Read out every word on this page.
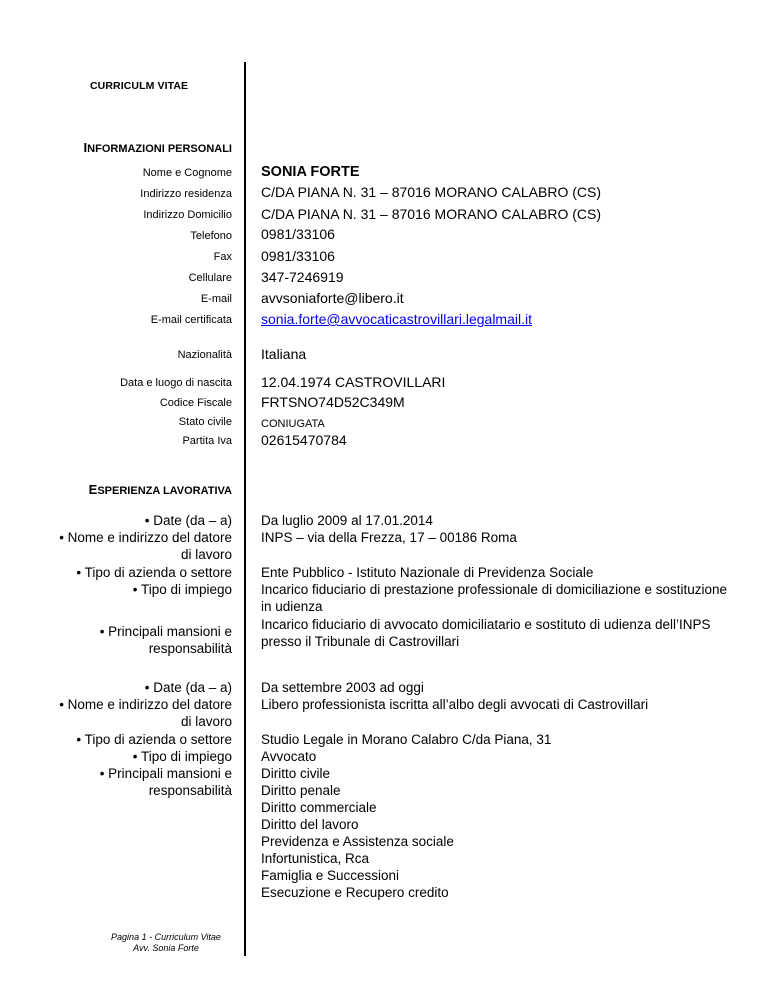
CURRICULM VITAE
INFORMAZIONI PERSONALI
Nome e Cognome SONIA FORTE
Indirizzo residenza C/DA PIANA N. 31 – 87016 MORANO CALABRO (CS)
Indirizzo Domicilio C/DA PIANA N. 31 – 87016 MORANO CALABRO (CS)
Telefono 0981/33106
Fax 0981/33106
Cellulare 347-7246919
E-mail avvsoniaforte@libero.it
E-mail certificata sonia.forte@avvocaticastrovillari.legalmail.it
Nazionalità Italiana
Data e luogo di nascita 12.04.1974 CASTROVILLARI
Codice Fiscale FRTSNO74D52C349M
Stato civile	CONIUGATA
Partita Iva 02615470784
ESPERIENZA LAVORATIVA
• Date (da – a)
• Nome e indirizzo del datore
di lavoro
• Tipo di azienda o settore
• Tipo di impiego
• Principali mansioni e
responsabilità
Da luglio 2009 al 17.01.2014
INPS – via della Frezza, 17 – 00186 Roma
Ente Pubblico - Istituto Nazionale di Previdenza Sociale
Incarico fiduciario di prestazione professionale di domiciliazione e sostituzione in udienza
Incarico fiduciario di avvocato domiciliatario e sostituto di udienza dell’INPS presso il Tribunale di Castrovillari
• Date (da – a)
• Nome e indirizzo del datore
di lavoro
• Tipo di azienda o settore
• Tipo di impiego
• Principali mansioni e
responsabilità
Da settembre 2003 ad oggi
Libero professionista iscritta all’albo degli avvocati di Castrovillari
Studio Legale in Morano Calabro C/da Piana, 31
Avvocato
Diritto civile
Diritto penale
Diritto commerciale
Diritto del lavoro
Previdenza e Assistenza sociale
Infortunistica, Rca
Famiglia e Successioni
Esecuzione e Recupero credito
Pagina 1 - Curriculum Vitae
Avv. Sonia Forte
